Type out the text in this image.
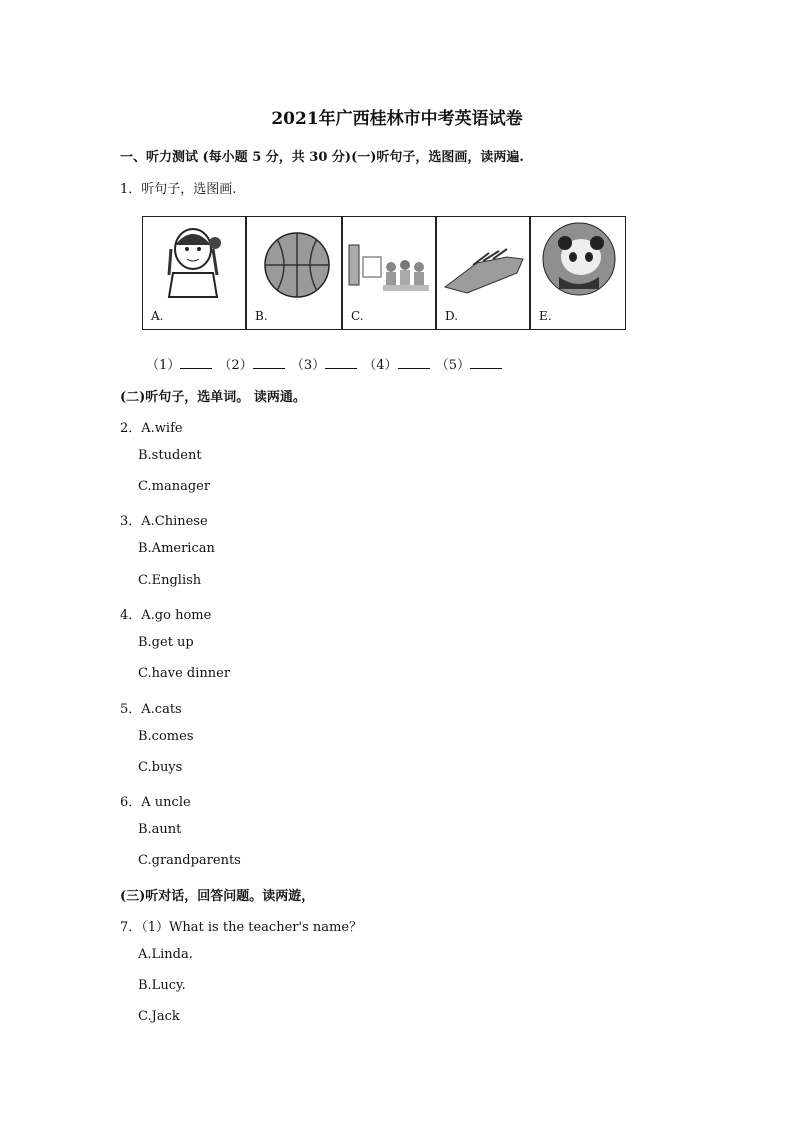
2021年广西桂林市中考英语试卷
一、听力测试 (每小题 5 分，共 30 分)(一)听句子，选图画，读两遍.
1．听句子，选图画.
A.	B.	C.	D.	E.
（1）	（2）	（3）	（4）	（5）
(二)听句子，选单词。 读两通。
2．A.wife
B.student
C.manager
3．A.Chinese
B.American
C.English
4．A.go home
B.get up
C.have dinner
5．A.cats
B.comes
C.buys
6．A uncle
B.aunt
C.grandparents
(三)听对话，回答问题。读两遊，
7．（1）What is the teacher's name？
A.Linda.
B.Lucy.
C.Jack
